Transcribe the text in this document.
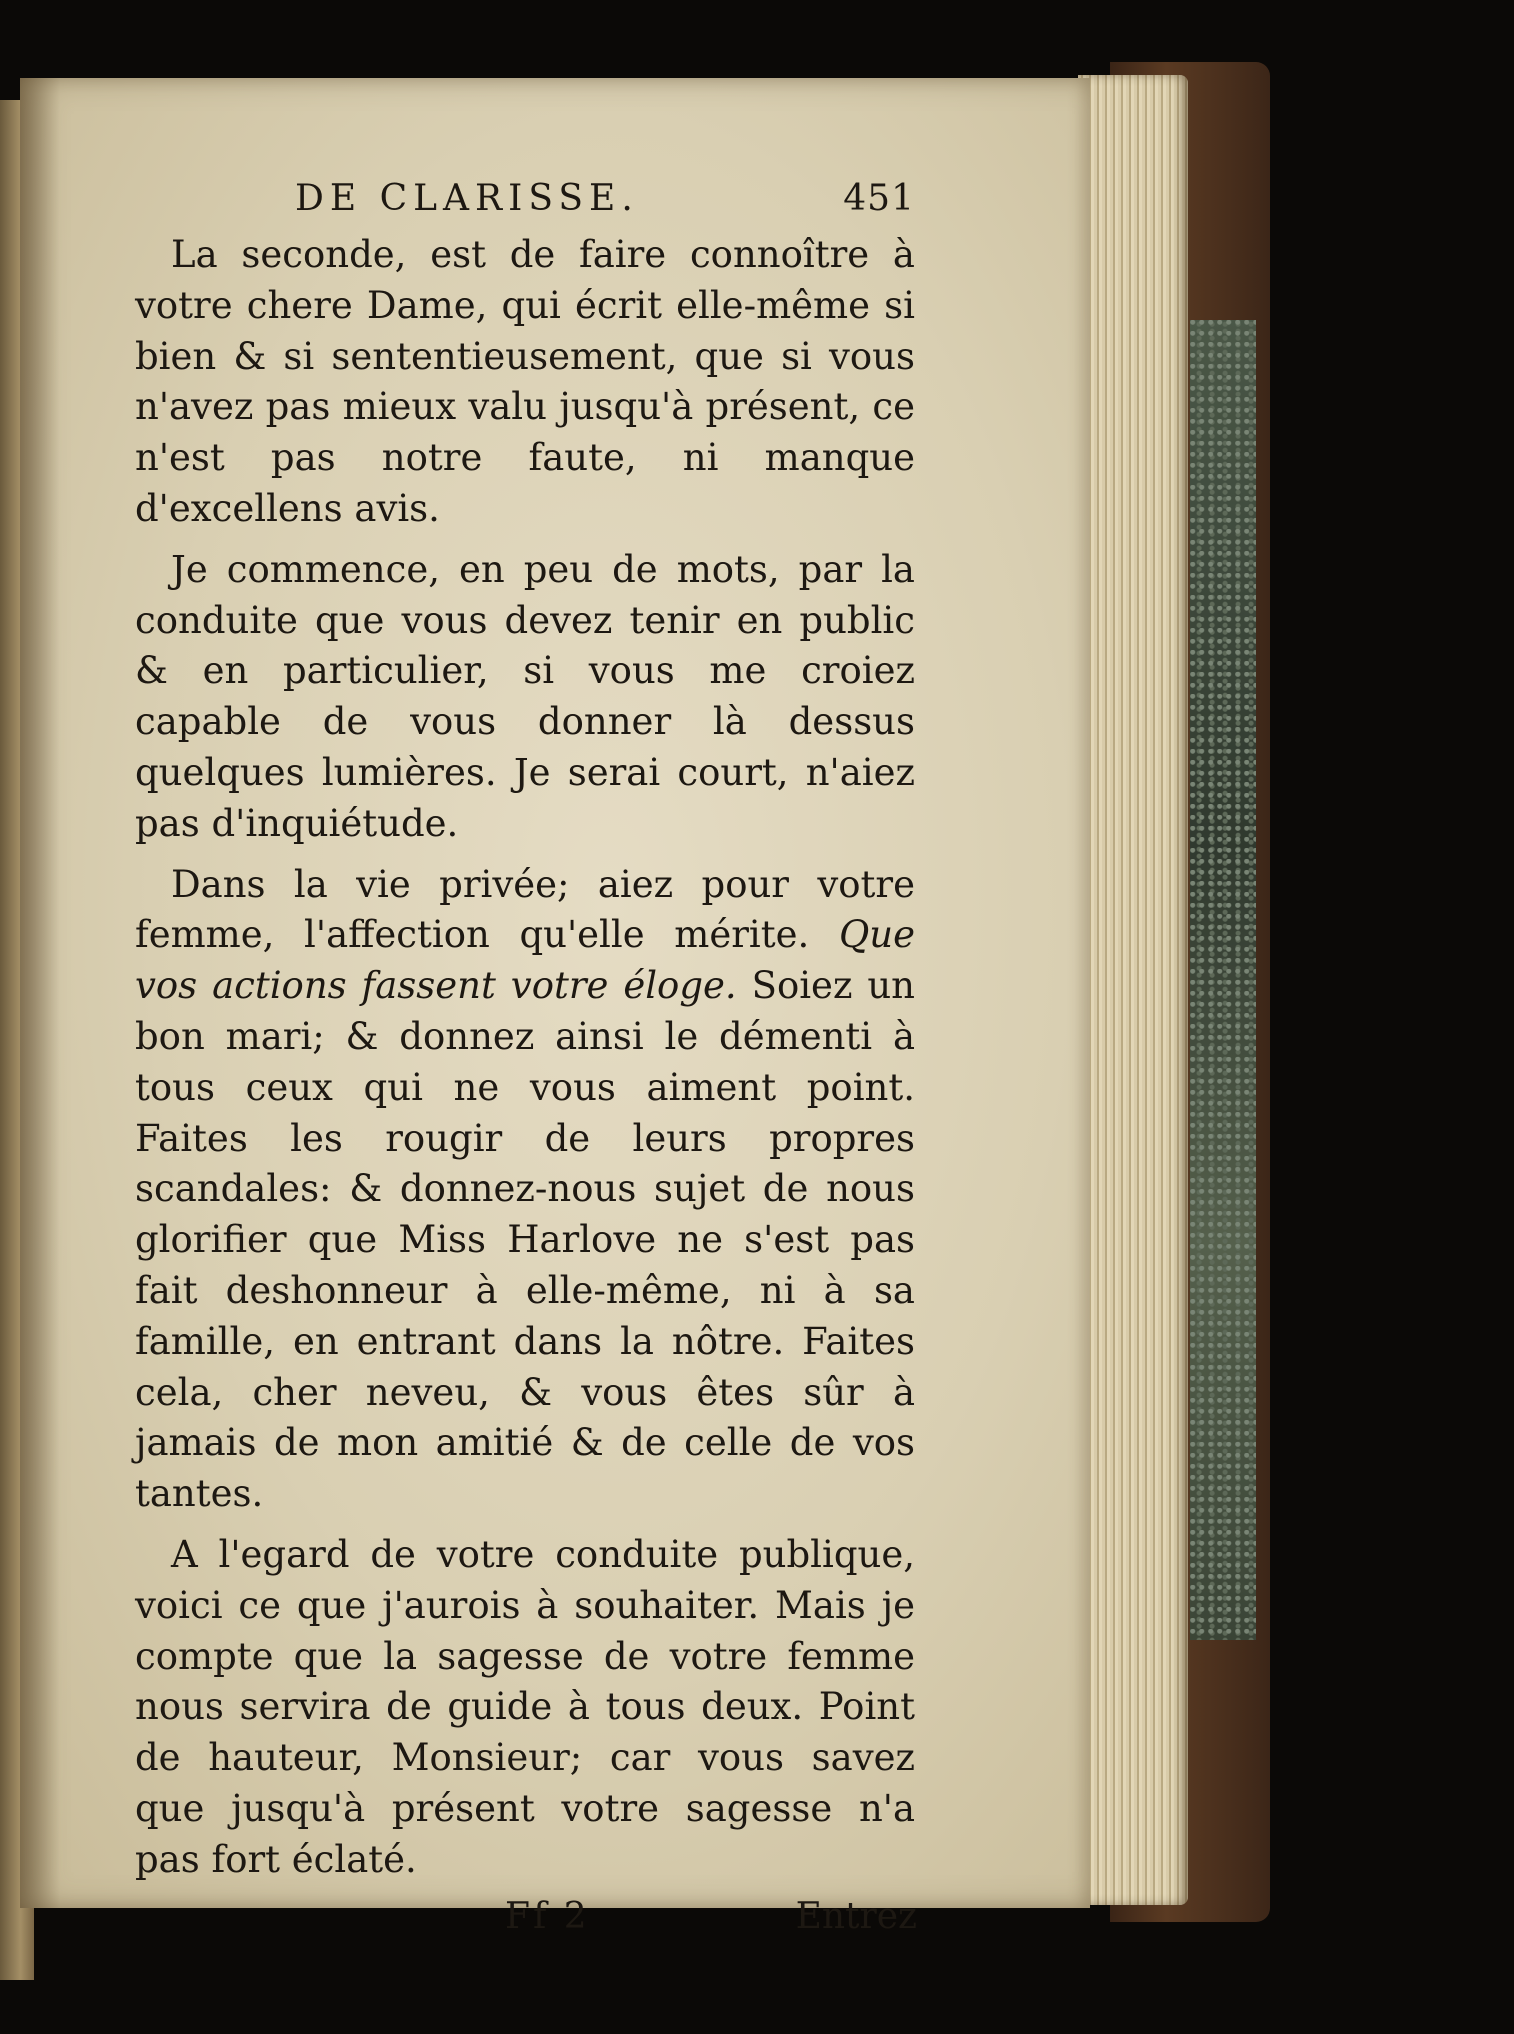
DE CLARISSE.	451

La seconde, est de faire connoître à votre chere Dame, qui écrit elle-même si bien & si sententieusement, que si vous n'avez pas mieux valu jusqu'à présent, ce n'est pas notre faute, ni manque d'excellens avis.

Je commence, en peu de mots, par la conduite que vous devez tenir en public & en particulier, si vous me croiez capable de vous donner là dessus quelques lumières. Je serai court, n'aiez pas d'inquiétude.

Dans la vie privée; aiez pour votre femme, l'affection qu'elle mérite. Que vos actions fassent votre éloge. Soiez un bon mari; & donnez ainsi le démenti à tous ceux qui ne vous aiment point. Faites les rougir de leurs propres scandales: & donnez-nous sujet de nous glorifier que Miss Harlove ne s'est pas fait deshonneur à elle-même, ni à sa famille, en entrant dans la nôtre. Faites cela, cher neveu, & vous êtes sûr à jamais de mon amitié & de celle de vos tantes.

A l'egard de votre conduite publique, voici ce que j'aurois à souhaiter. Mais je compte que la sagesse de votre femme nous servira de guide à tous deux. Point de hauteur, Monsieur; car vous savez que jusqu'à présent votre sagesse n'a pas fort éclaté.

Ff 2	Entrez
